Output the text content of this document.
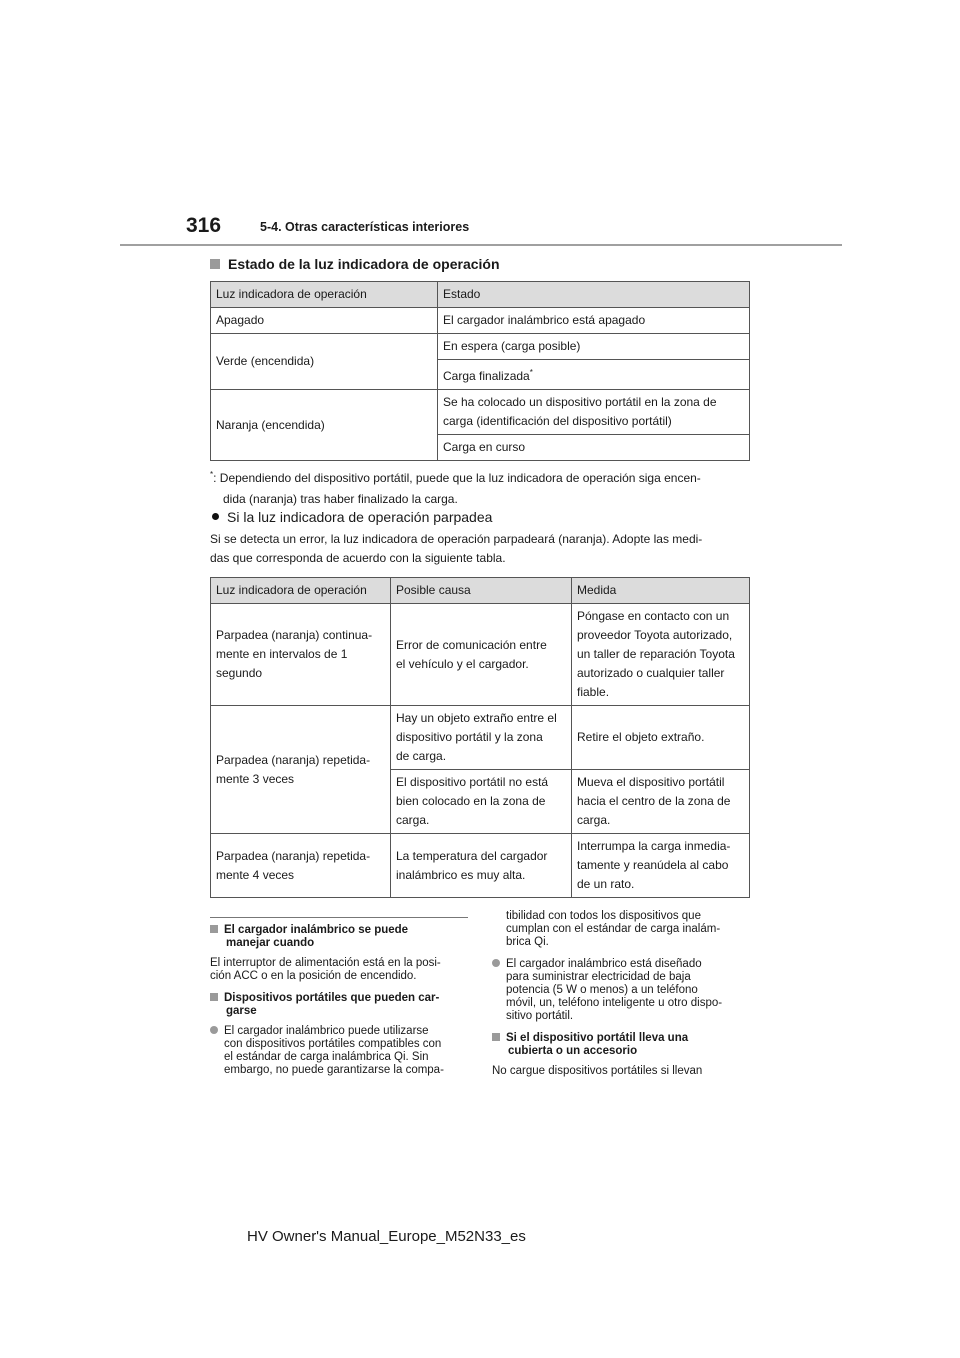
316	5-4. Otras características interiores
Estado de la luz indicadora de operación
Luz indicadora de operación	Estado
Apagado	El cargador inalámbrico está apagado
Verde (encendida)	En espera (carga posible)
	Carga finalizada*
Naranja (encendida)	Se ha colocado un dispositivo portátil en la zona de
carga (identificación del dispositivo portátil)
	Carga en curso
*: Dependiendo del dispositivo portátil, puede que la luz indicadora de operación siga encen-
dida (naranja) tras haber finalizado la carga.
Si la luz indicadora de operación parpadea
Si se detecta un error, la luz indicadora de operación parpadeará (naranja). Adopte las medi-
das que corresponda de acuerdo con la siguiente tabla.
Luz indicadora de operación	Posible causa	Medida
Parpadea (naranja) continua-
mente en intervalos de 1
segundo	Error de comunicación entre
el vehículo y el cargador.	Póngase en contacto con un
proveedor Toyota autorizado,
un taller de reparación Toyota
autorizado o cualquier taller
fiable.
Parpadea (naranja) repetida-
mente 3 veces	Hay un objeto extraño entre el
dispositivo portátil y la zona
de carga.	Retire el objeto extraño.
	El dispositivo portátil no está
bien colocado en la zona de
carga.	Mueva el dispositivo portátil
hacia el centro de la zona de
carga.
Parpadea (naranja) repetida-
mente 4 veces	La temperatura del cargador
inalámbrico es muy alta.	Interrumpa la carga inmedia-
tamente y reanúdela al cabo
de un rato.
El cargador inalámbrico se puede
manejar cuando
El interruptor de alimentación está en la posi-
ción ACC o en la posición de encendido.
Dispositivos portátiles que pueden car-
garse
El cargador inalámbrico puede utilizarse
con dispositivos portátiles compatibles con
el estándar de carga inalámbrica Qi. Sin
embargo, no puede garantizarse la compa-
tibilidad con todos los dispositivos que
cumplan con el estándar de carga inalám-
brica Qi.
El cargador inalámbrico está diseñado
para suministrar electricidad de baja
potencia (5 W o menos) a un teléfono
móvil, un, teléfono inteligente u otro dispo-
sitivo portátil.
Si el dispositivo portátil lleva una
cubierta o un accesorio
No cargue dispositivos portátiles si llevan
HV Owner's Manual_Europe_M52N33_es
